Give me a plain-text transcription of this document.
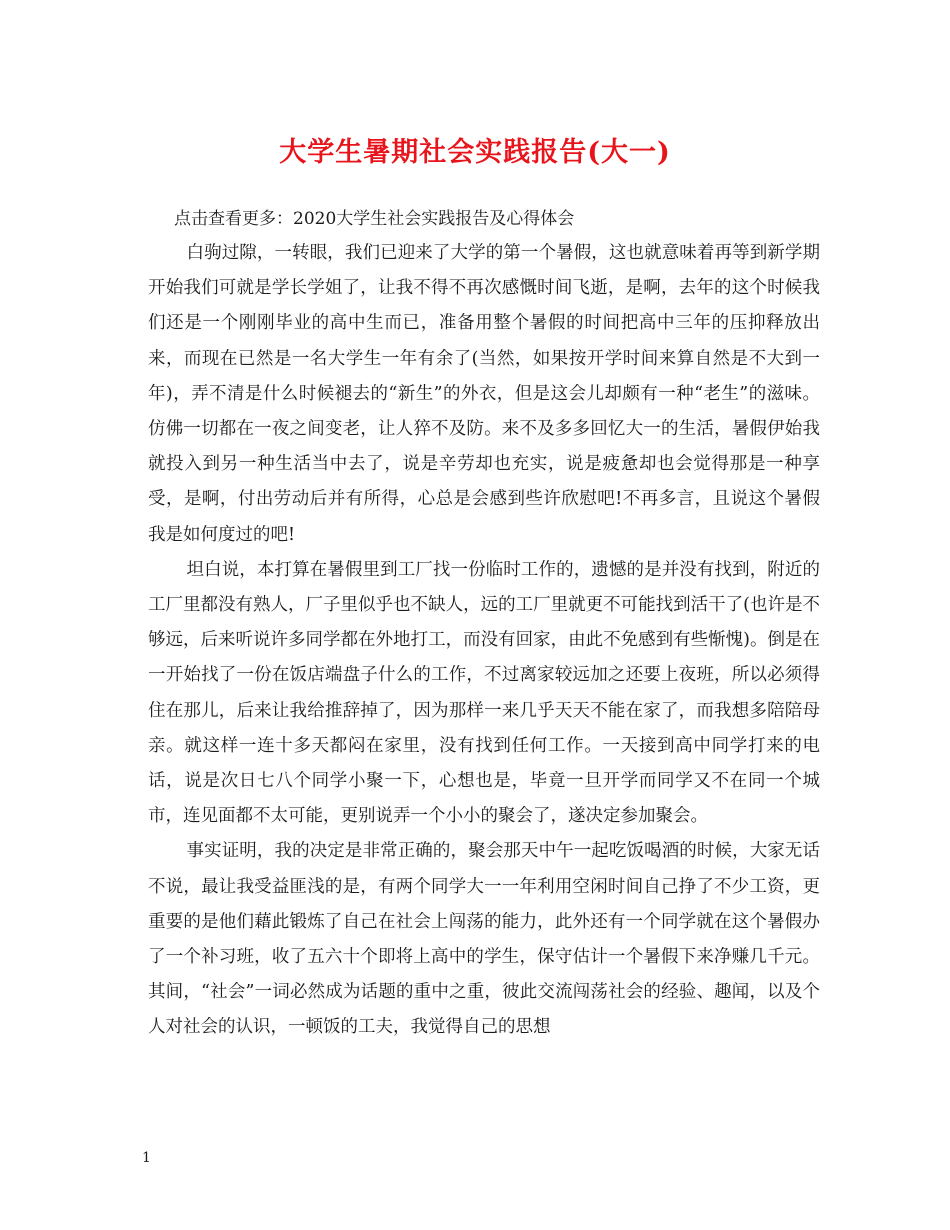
大学生暑期社会实践报告(大一)

点击查看更多：2020大学生社会实践报告及心得体会

白驹过隙，一转眼，我们已迎来了大学的第一个暑假，这也就意味着再等到新学期开始我们可就是学长学姐了，让我不得不再次感慨时间飞逝，是啊，去年的这个时候我们还是一个刚刚毕业的高中生而已，准备用整个暑假的时间把高中三年的压抑释放出来，而现在已然是一名大学生一年有余了(当然，如果按开学时间来算自然是不大到一年)，弄不清是什么时候褪去的“新生”的外衣，但是这会儿却颇有一种“老生”的滋味。仿佛一切都在一夜之间变老，让人猝不及防。来不及多多回忆大一的生活，暑假伊始我就投入到另一种生活当中去了，说是辛劳却也充实，说是疲惫却也会觉得那是一种享受，是啊，付出劳动后并有所得，心总是会感到些许欣慰吧!不再多言，且说这个暑假我是如何度过的吧!

坦白说，本打算在暑假里到工厂找一份临时工作的，遗憾的是并没有找到，附近的工厂里都没有熟人，厂子里似乎也不缺人，远的工厂里就更不可能找到活干了(也许是不够远，后来听说许多同学都在外地打工，而没有回家，由此不免感到有些惭愧)。倒是在一开始找了一份在饭店端盘子什么的工作，不过离家较远加之还要上夜班，所以必须得住在那儿，后来让我给推辞掉了，因为那样一来几乎天天不能在家了，而我想多陪陪母亲。就这样一连十多天都闷在家里，没有找到任何工作。一天接到高中同学打来的电话，说是次日七八个同学小聚一下，心想也是，毕竟一旦开学而同学又不在同一个城市，连见面都不太可能，更别说弄一个小小的聚会了，遂决定参加聚会。

事实证明，我的决定是非常正确的，聚会那天中午一起吃饭喝酒的时候，大家无话不说，最让我受益匪浅的是，有两个同学大一一年利用空闲时间自己挣了不少工资，更重要的是他们藉此锻炼了自己在社会上闯荡的能力，此外还有一个同学就在这个暑假办了一个补习班，收了五六十个即将上高中的学生，保守估计一个暑假下来净赚几千元。其间，“社会”一词必然成为话题的重中之重，彼此交流闯荡社会的经验、趣闻，以及个人对社会的认识，一顿饭的工夫，我觉得自己的思想

1
